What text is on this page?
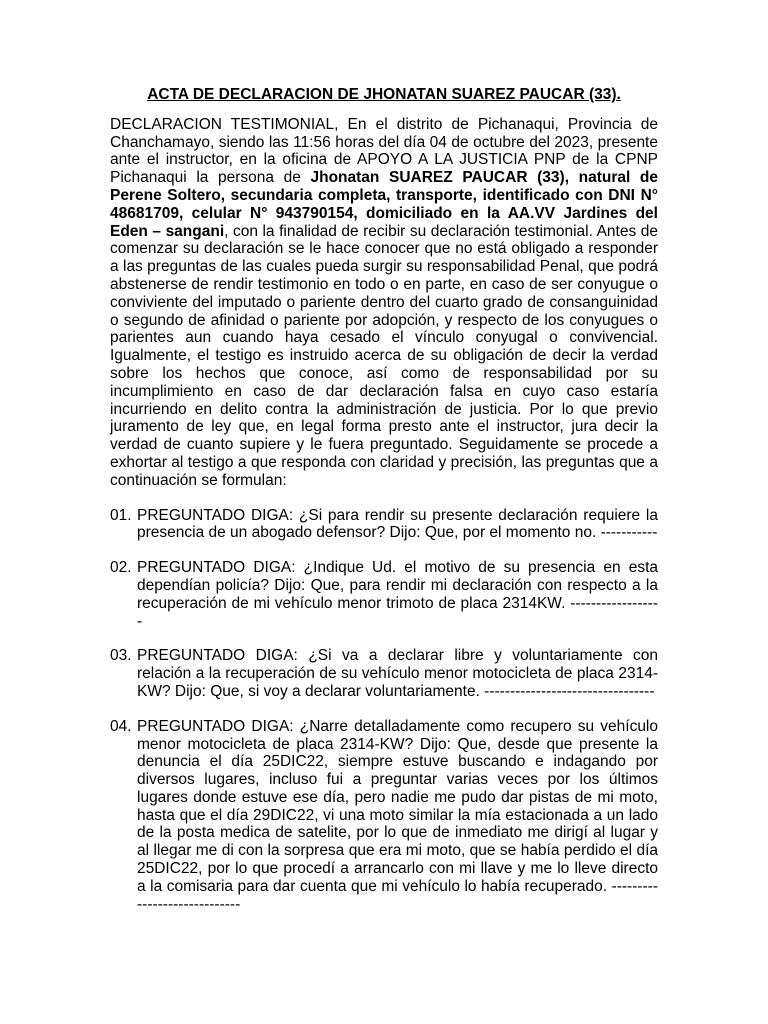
ACTA DE DECLARACION DE JHONATAN SUAREZ PAUCAR (33).

DECLARACION TESTIMONIAL, En el distrito de Pichanaqui, Provincia de Chanchamayo, siendo las 11:56 horas del día 04 de octubre del 2023, presente ante el instructor, en la oficina de APOYO A LA JUSTICIA PNP de la CPNP Pichanaqui la persona de Jhonatan SUAREZ PAUCAR (33), natural de Perene Soltero, secundaria completa, transporte, identificado con DNI N° 48681709, celular N° 943790154, domiciliado en la AA.VV Jardines del Eden – sangani, con la finalidad de recibir su declaración testimonial. Antes de comenzar su declaración se le hace conocer que no está obligado a responder a las preguntas de las cuales pueda surgir su responsabilidad Penal, que podrá abstenerse de rendir testimonio en todo o en parte, en caso de ser conyugue o conviviente del imputado o pariente dentro del cuarto grado de consanguinidad o segundo de afinidad o pariente por adopción, y respecto de los conyugues o parientes aun cuando haya cesado el vínculo conyugal o convivencial. Igualmente, el testigo es instruido acerca de su obligación de decir la verdad sobre los hechos que conoce, así como de responsabilidad por su incumplimiento en caso de dar declaración falsa en cuyo caso estaría incurriendo en delito contra la administración de justicia. Por lo que previo juramento de ley que, en legal forma presto ante el instructor, jura decir la verdad de cuanto supiere y le fuera preguntado. Seguidamente se procede a exhortar al testigo a que responda con claridad y precisión, las preguntas que a continuación se formulan:

01. PREGUNTADO DIGA: ¿Si para rendir su presente declaración requiere la presencia de un abogado defensor? Dijo: Que, por el momento no. -----------
02. PREGUNTADO DIGA: ¿Indique Ud. el motivo de su presencia en esta dependían policía? Dijo: Que, para rendir mi declaración con respecto a la recuperación de mi vehículo menor trimoto de placa 2314KW. ------------------
03. PREGUNTADO DIGA: ¿Si va a declarar libre y voluntariamente con relación a la recuperación de su vehículo menor motocicleta de placa 2314-KW? Dijo: Que, si voy a declarar voluntariamente. ---------------------------------
04. PREGUNTADO DIGA: ¿Narre detalladamente como recupero su vehículo menor motocicleta de placa 2314-KW? Dijo: Que, desde que presente la denuncia el día 25DIC22, siempre estuve buscando e indagando por diversos lugares, incluso fui a preguntar varias veces por los últimos lugares donde estuve ese día, pero nadie me pudo dar pistas de mi moto, hasta que el día 29DIC22, vi una moto similar la mía estacionada a un lado de la posta medica de satelite, por lo que de inmediato me dirigí al lugar y al llegar me di con la sorpresa que era mi moto, que se había perdido el día 25DIC22, por lo que procedí a arrancarlo con mi llave y me lo lleve directo a la comisaria para dar cuenta que mi vehículo lo había recuperado. -----------------------------
